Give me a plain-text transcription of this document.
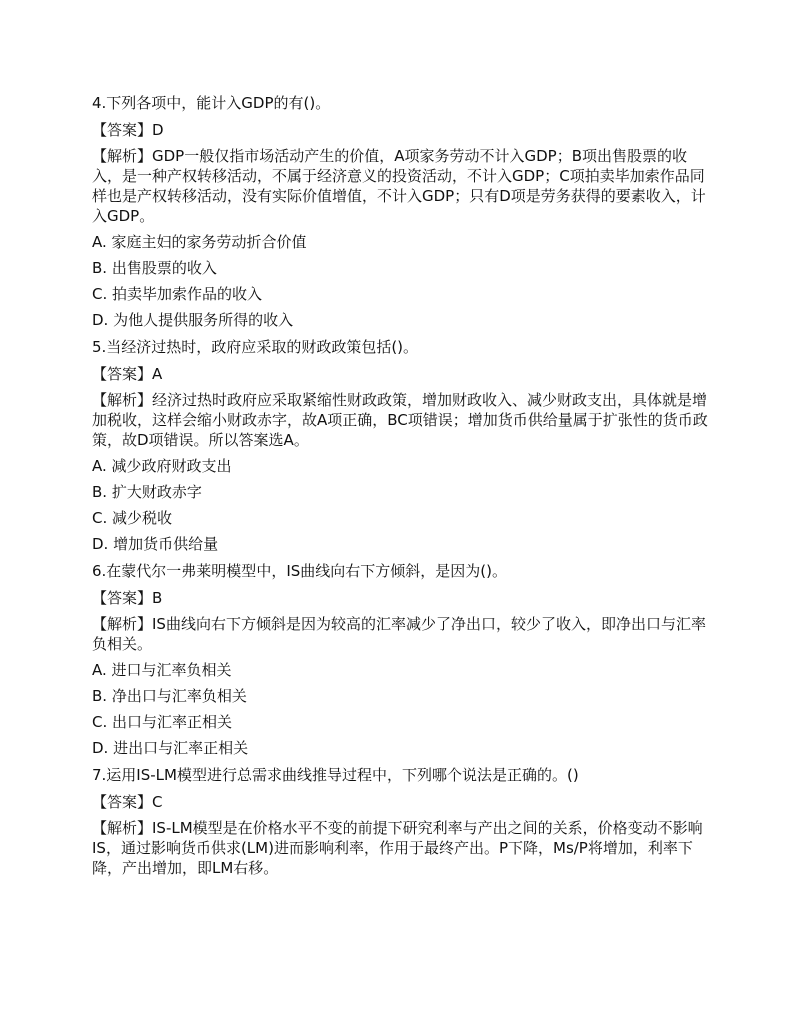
4.下列各项中，能计入GDP的有()。
【答案】D
【解析】GDP一般仅指市场活动产生的价值，A项家务劳动不计入GDP；B项出售股票的收入，是一种产权转移活动，不属于经济意义的投资活动，不计入GDP；C项拍卖毕加索作品同样也是产权转移活动，没有实际价值增值，不计入GDP；只有D项是劳务获得的要素收入，计入GDP。
A. 家庭主妇的家务劳动折合价值
B. 出售股票的收入
C. 拍卖毕加索作品的收入
D. 为他人提供服务所得的收入
5.当经济过热时，政府应采取的财政政策包括()。
【答案】A
【解析】经济过热时政府应采取紧缩性财政政策，增加财政收入、减少财政支出，具体就是增加税收，这样会缩小财政赤字，故A项正确，BC项错误；增加货币供给量属于扩张性的货币政策，故D项错误。所以答案选A。
A. 减少政府财政支出
B. 扩大财政赤字
C. 减少税收
D. 增加货币供给量
6.在蒙代尔一弗莱明模型中，IS曲线向右下方倾斜，是因为()。
【答案】B
【解析】IS曲线向右下方倾斜是因为较高的汇率减少了净出口，较少了收入，即净出口与汇率负相关。
A. 进口与汇率负相关
B. 净出口与汇率负相关
C. 出口与汇率正相关
D. 进出口与汇率正相关
7.运用IS-LM模型进行总需求曲线推导过程中，下列哪个说法是正确的。()
【答案】C
【解析】IS-LM模型是在价格水平不变的前提下研究利率与产出之间的关系，价格变动不影响IS，通过影响货币供求(LM)进而影响利率，作用于最终产出。P下降，Ms/P将增加，利率下降，产出增加，即LM右移。
